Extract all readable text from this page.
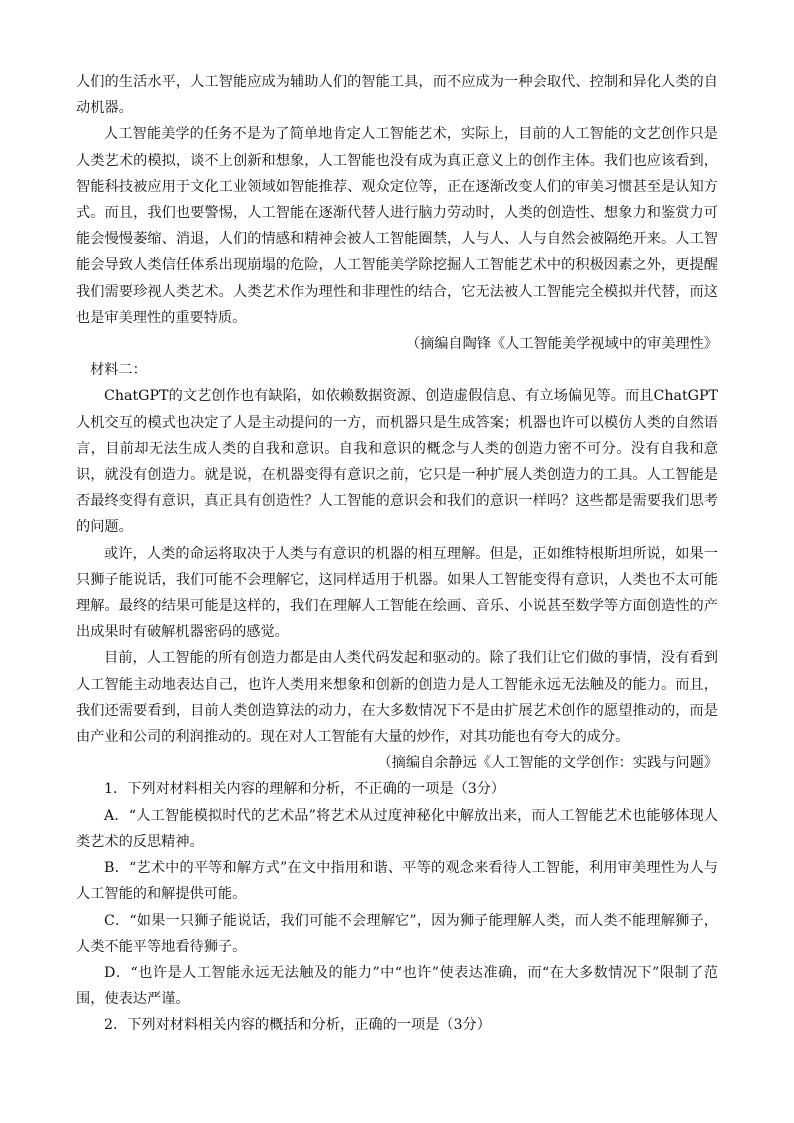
人们的生活水平，人工智能应成为辅助人们的智能工具，而不应成为一种会取代、控制和异化人类的自动机器。

人工智能美学的任务不是为了简单地肯定人工智能艺术，实际上，目前的人工智能的文艺创作只是人类艺术的模拟，谈不上创新和想象，人工智能也没有成为真正意义上的创作主体。我们也应该看到，智能科技被应用于文化工业领域如智能推荐、观众定位等，正在逐渐改变人们的审美习惯甚至是认知方式。而且，我们也要警惕，人工智能在逐渐代替人进行脑力劳动时，人类的创造性、想象力和鉴赏力可能会慢慢萎缩、消退，人们的情感和精神会被人工智能圈禁，人与人、人与自然会被隔绝开来。人工智能会导致人类信任体系出现崩塌的危险，人工智能美学除挖掘人工智能艺术中的积极因素之外，更提醒我们需要珍视人类艺术。人类艺术作为理性和非理性的结合，它无法被人工智能完全模拟并代替，而这也是审美理性的重要特质。

（摘编自陶锋《人工智能美学视域中的审美理性》

材料二：

ChatGPT的文艺创作也有缺陷，如依赖数据资源、创造虚假信息、有立场偏见等。而且ChatGPT人机交互的模式也决定了人是主动提问的一方，而机器只是生成答案；机器也许可以模仿人类的自然语言，目前却无法生成人类的自我和意识。自我和意识的概念与人类的创造力密不可分。没有自我和意识，就没有创造力。就是说，在机器变得有意识之前，它只是一种扩展人类创造力的工具。人工智能是否最终变得有意识，真正具有创造性？人工智能的意识会和我们的意识一样吗？这些都是需要我们思考的问题。

或许，人类的命运将取决于人类与有意识的机器的相互理解。但是，正如维特根斯坦所说，如果一只狮子能说话，我们可能不会理解它，这同样适用于机器。如果人工智能变得有意识，人类也不太可能理解。最终的结果可能是这样的，我们在理解人工智能在绘画、音乐、小说甚至数学等方面创造性的产出成果时有破解机器密码的感觉。

目前，人工智能的所有创造力都是由人类代码发起和驱动的。除了我们让它们做的事情，没有看到人工智能主动地表达自己，也许人类用来想象和创新的创造力是人工智能永远无法触及的能力。而且，我们还需要看到，目前人类创造算法的动力，在大多数情况下不是由扩展艺术创作的愿望推动的，而是由产业和公司的利润推动的。现在对人工智能有大量的炒作，对其功能也有夸大的成分。

（摘编自余静远《人工智能的文学创作：实践与问题》

1．下列对材料相关内容的理解和分析，不正确的一项是（3分）

A．“人工智能模拟时代的艺术品”将艺术从过度神秘化中解放出来，而人工智能艺术也能够体现人类艺术的反思精神。

B．“艺术中的平等和解方式”在文中指用和谐、平等的观念来看待人工智能，利用审美理性为人与人工智能的和解提供可能。

C．“如果一只狮子能说话，我们可能不会理解它”，因为狮子能理解人类，而人类不能理解狮子，人类不能平等地看待狮子。

D．“也许是人工智能永远无法触及的能力”中“也许”使表达准确，而“在大多数情况下”限制了范围，使表达严谨。

2．下列对材料相关内容的概括和分析，正确的一项是（3分）
